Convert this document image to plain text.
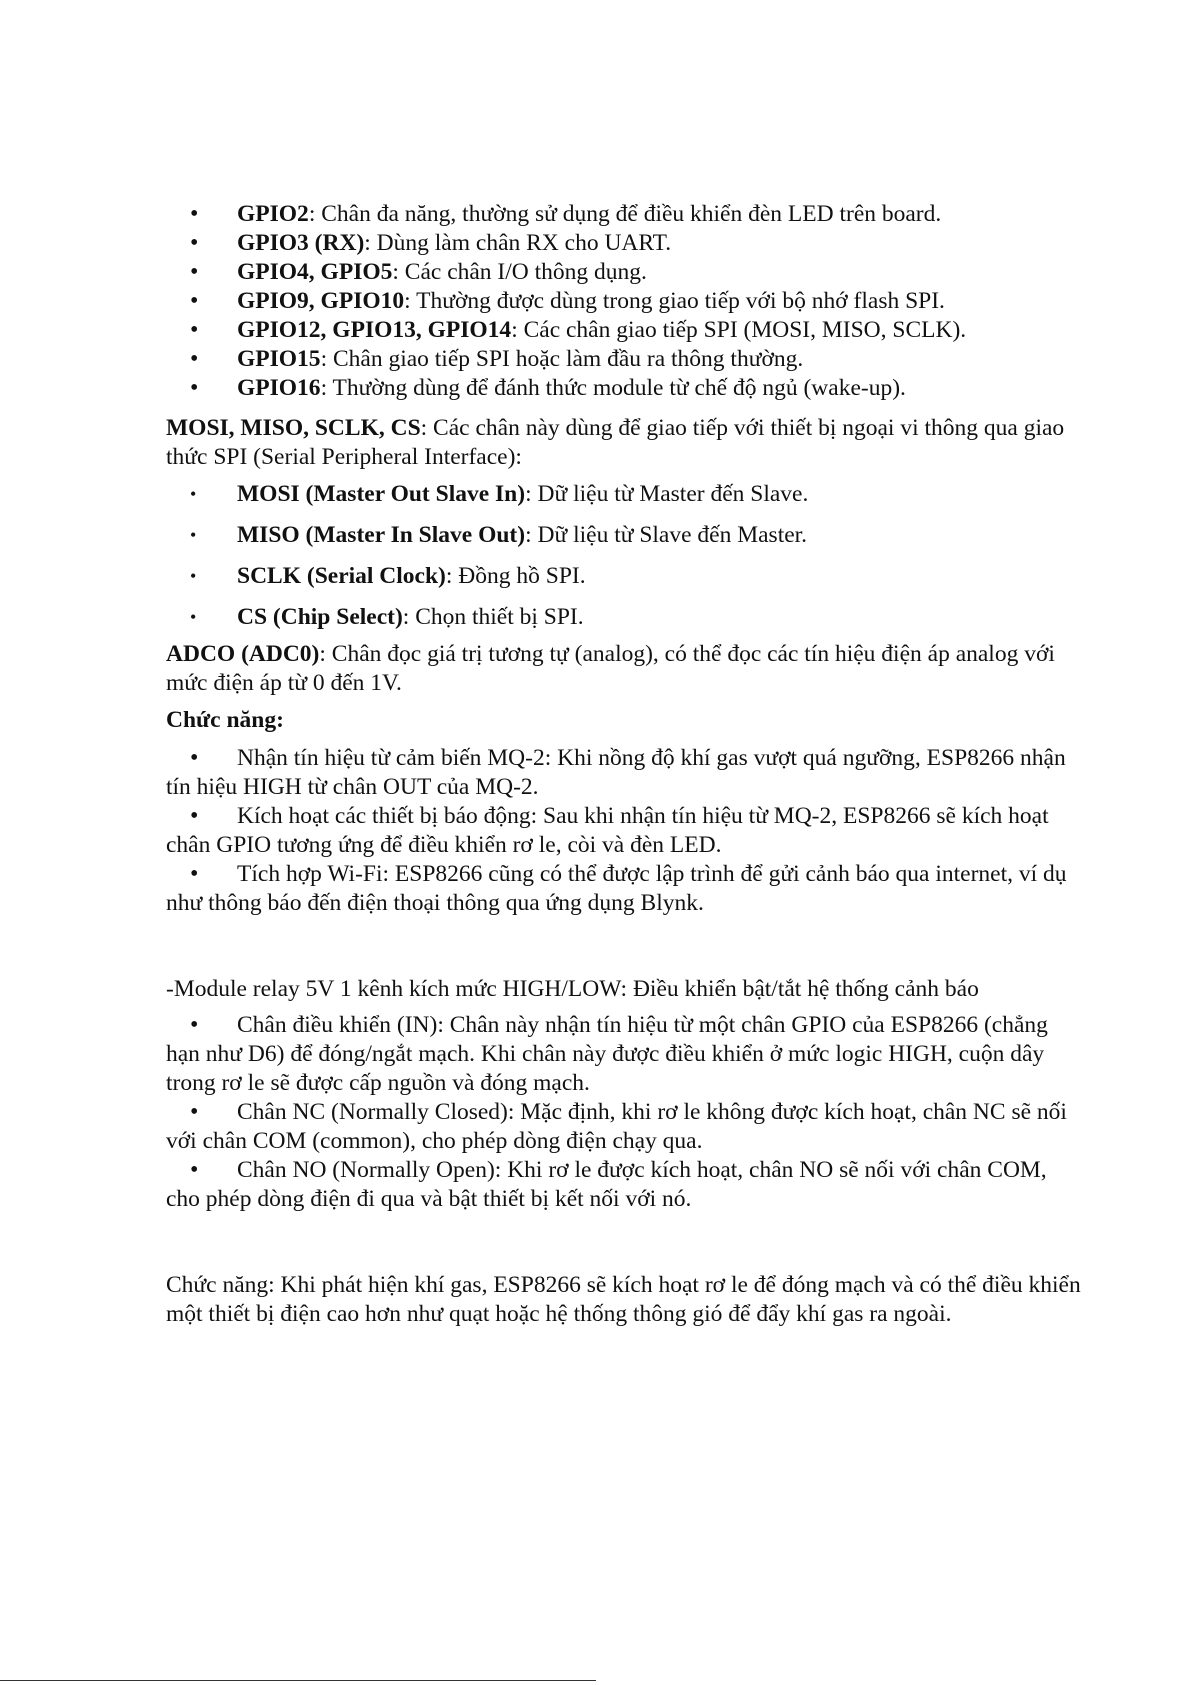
• GPIO2: Chân đa năng, thường sử dụng để điều khiển đèn LED trên board.
• GPIO3 (RX): Dùng làm chân RX cho UART.
• GPIO4, GPIO5: Các chân I/O thông dụng.
• GPIO9, GPIO10: Thường được dùng trong giao tiếp với bộ nhớ flash SPI.
• GPIO12, GPIO13, GPIO14: Các chân giao tiếp SPI (MOSI, MISO, SCLK).
• GPIO15: Chân giao tiếp SPI hoặc làm đầu ra thông thường.
• GPIO16: Thường dùng để đánh thức module từ chế độ ngủ (wake-up).

MOSI, MISO, SCLK, CS: Các chân này dùng để giao tiếp với thiết bị ngoại vi thông qua giao thức SPI (Serial Peripheral Interface):

• MOSI (Master Out Slave In): Dữ liệu từ Master đến Slave.
• MISO (Master In Slave Out): Dữ liệu từ Slave đến Master.
• SCLK (Serial Clock): Đồng hồ SPI.
• CS (Chip Select): Chọn thiết bị SPI.

ADCO (ADC0): Chân đọc giá trị tương tự (analog), có thể đọc các tín hiệu điện áp analog với mức điện áp từ 0 đến 1V.

Chức năng:

• Nhận tín hiệu từ cảm biến MQ-2: Khi nồng độ khí gas vượt quá ngưỡng, ESP8266 nhận tín hiệu HIGH từ chân OUT của MQ-2.
• Kích hoạt các thiết bị báo động: Sau khi nhận tín hiệu từ MQ-2, ESP8266 sẽ kích hoạt chân GPIO tương ứng để điều khiển rơ le, còi và đèn LED.
• Tích hợp Wi-Fi: ESP8266 cũng có thể được lập trình để gửi cảnh báo qua internet, ví dụ như thông báo đến điện thoại thông qua ứng dụng Blynk.

-Module relay 5V 1 kênh kích mức HIGH/LOW: Điều khiển bật/tắt hệ thống cảnh báo

• Chân điều khiển (IN): Chân này nhận tín hiệu từ một chân GPIO của ESP8266 (chẳng hạn như D6) để đóng/ngắt mạch. Khi chân này được điều khiển ở mức logic HIGH, cuộn dây trong rơ le sẽ được cấp nguồn và đóng mạch.
• Chân NC (Normally Closed): Mặc định, khi rơ le không được kích hoạt, chân NC sẽ nối với chân COM (common), cho phép dòng điện chạy qua.
• Chân NO (Normally Open): Khi rơ le được kích hoạt, chân NO sẽ nối với chân COM, cho phép dòng điện đi qua và bật thiết bị kết nối với nó.

Chức năng: Khi phát hiện khí gas, ESP8266 sẽ kích hoạt rơ le để đóng mạch và có thể điều khiển một thiết bị điện cao hơn như quạt hoặc hệ thống thông gió để đẩy khí gas ra ngoài.
